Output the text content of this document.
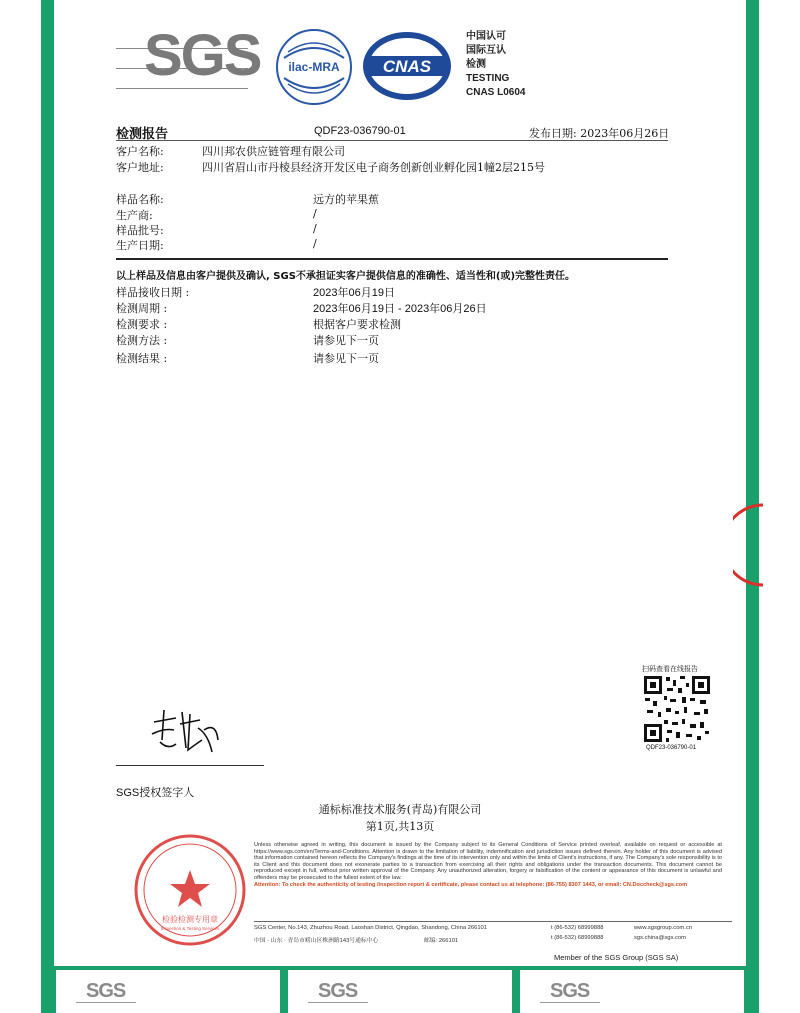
SGS ilac-MRA	CNAS
中国认可
国际互认
检测
TESTING
CNAS L0604
检测报告	QDF23-036790-01	发布日期: 2023年06月26日
客户名称:	四川邦农供应链管理有限公司
客户地址:	四川省眉山市丹棱县经济开发区电子商务创新创业孵化园1幢2层215号
样品名称:	远方的苹果蕉
生产商:	/
样品批号:	/
生产日期:	/
以上样品及信息由客户提供及确认, SGS不承担证实客户提供信息的准确性、适当性和(或)完整性责任。
样品接收日期 :	2023年06月19日
检测周期 :	2023年06月19日 - 2023年06月26日
检测要求 :	根据客户要求检测
检测方法 :	请参见下一页
检测结果 :	请参见下一页
扫码查看在线报告
QDF23-036790-01
SGS授权签字人
通标标准技术服务(青岛)有限公司
第1页,共13页
检验检测专用章
Inspection & Testing Services
Unless otherwise agreed in writing, this document is issued by the Company subject to its General Conditions of Service printed overleaf, available on request or accessible at https://www.sgs.com/en/Terms-and-Conditions. Attention is drawn to the limitation of liability, indemnification and jurisdiction issues defined therein. Any holder of this document is advised that information contained hereon reflects the Company's findings at the time of its intervention only and within the limits of Client's instructions, if any. The Company's sole responsibility is to its Client and this document does not exonerate parties to a transaction from exercising all their rights and obligations under the transaction documents. This document cannot be reproduced except in full, without prior written approval of the Company. Any unauthorized alteration, forgery or falsification of the content or appearance of this document is unlawful and offenders may be prosecuted to the fullest extent of the law.
Attention: To check the authenticity of testing /inspection report & certificate, please contact us at telephone: (86-755) 8307 1443, or email: CN.Doccheck@sgs.com
SGS Center, No.143, Zhuzhou Road, Laoshan District, Qingdao, Shandong, China 266101
中国 · 山东 · 青岛市崂山区株洲路143号通标中心	邮编: 266101
t (86-532) 68999888
t (86-532) 68999888
www.sgsgroup.com.cn
sgs.china@sgs.com
Member of the SGS Group (SGS SA)
SGS	SGS	SGS
